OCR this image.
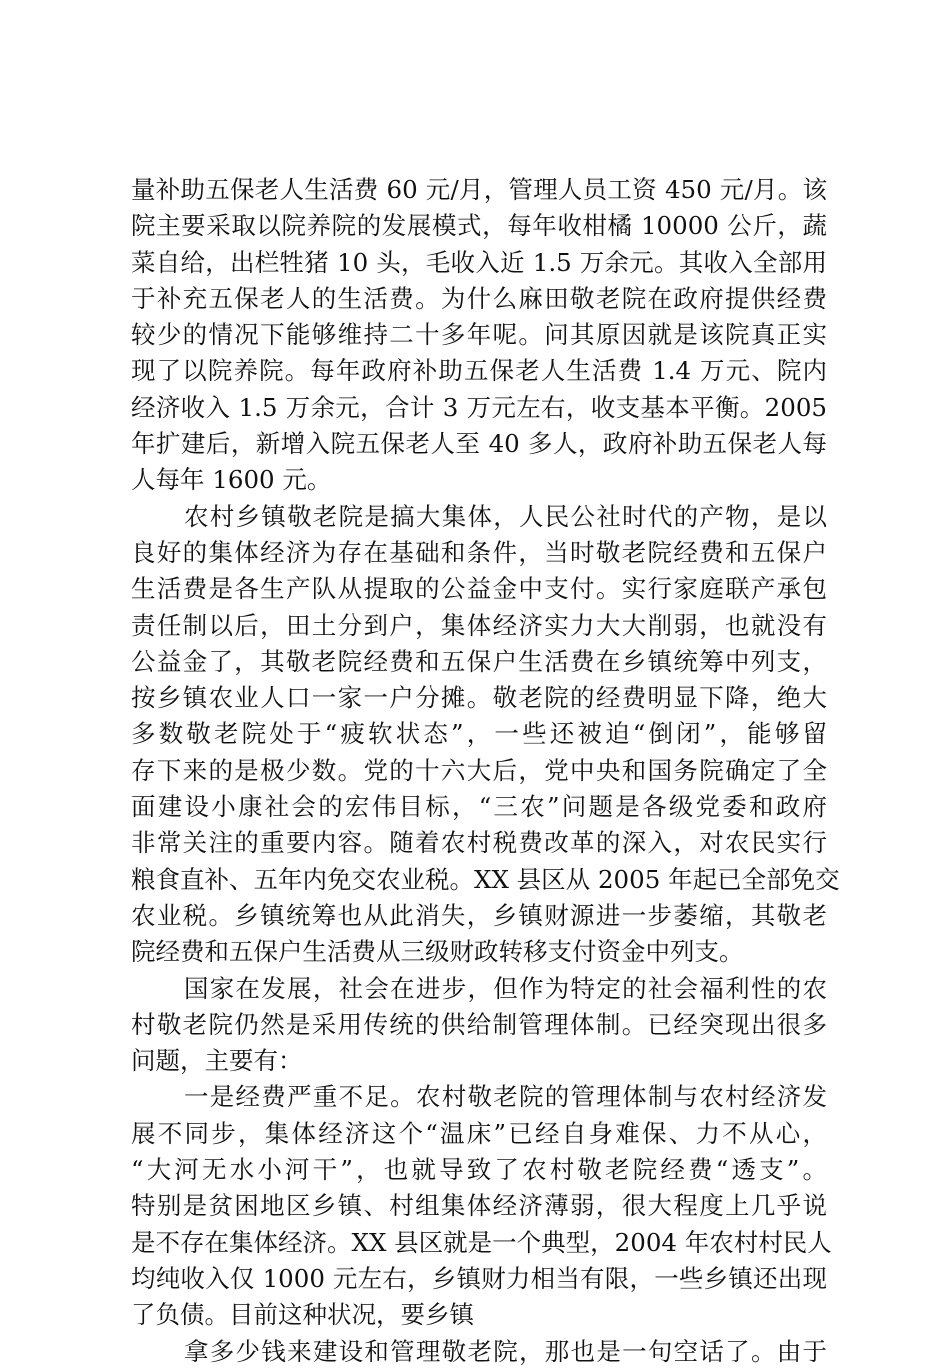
量补助五保老人生活费 60 元/月，管理人员工资 450 元/月。该
院主要采取以院养院的发展模式，每年收柑橘 10000 公斤，蔬
菜自给，出栏牲猪 10 头，毛收入近 1.5 万余元。其收入全部用
于补充五保老人的生活费。为什么麻田敬老院在政府提供经费
较少的情况下能够维持二十多年呢。问其原因就是该院真正实
现了以院养院。每年政府补助五保老人生活费 1.4 万元、院内
经济收入 1.5 万余元，合计 3 万元左右，收支基本平衡。2005
年扩建后，新增入院五保老人至 40 多人，政府补助五保老人每
人每年 1600 元。
农村乡镇敬老院是搞大集体，人民公社时代的产物，是以
良好的集体经济为存在基础和条件，当时敬老院经费和五保户
生活费是各生产队从提取的公益金中支付。实行家庭联产承包
责任制以后，田土分到户，集体经济实力大大削弱，也就没有
公益金了，其敬老院经费和五保户生活费在乡镇统筹中列支，
按乡镇农业人口一家一户分摊。敬老院的经费明显下降，绝大
多数敬老院处于“疲软状态”，一些还被迫“倒闭”，能够留
存下来的是极少数。党的十六大后，党中央和国务院确定了全
面建设小康社会的宏伟目标，“三农”问题是各级党委和政府
非常关注的重要内容。随着农村税费改革的深入，对农民实行
粮食直补、五年内免交农业税。XX 县区从 2005 年起已全部免交
农业税。乡镇统筹也从此消失，乡镇财源进一步萎缩，其敬老
院经费和五保户生活费从三级财政转移支付资金中列支。
国家在发展，社会在进步，但作为特定的社会福利性的农
村敬老院仍然是采用传统的供给制管理体制。已经突现出很多
问题，主要有：
一是经费严重不足。农村敬老院的管理体制与农村经济发
展不同步，集体经济这个“温床”已经自身难保、力不从心，
“大河无水小河干”，也就导致了农村敬老院经费“透支”。
特别是贫困地区乡镇、村组集体经济薄弱，很大程度上几乎说
是不存在集体经济。XX 县区就是一个典型，2004 年农村村民人
均纯收入仅 1000 元左右，乡镇财力相当有限，一些乡镇还出现
了负债。目前这种状况，要乡镇
拿多少钱来建设和管理敬老院，那也是一句空话了。由于
